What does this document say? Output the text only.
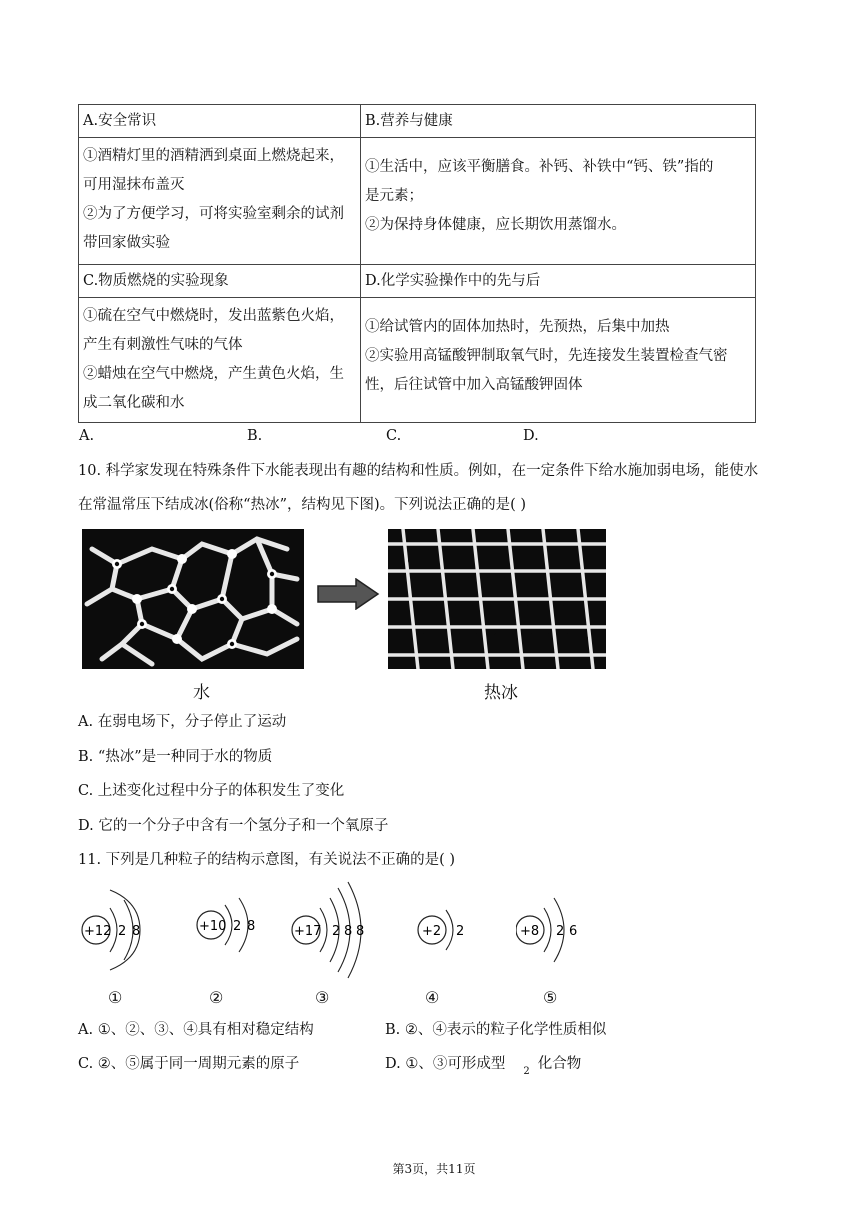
A.安全常识	B.营养与健康

①酒精灯里的酒精洒到桌面上燃烧起来，
可用湿抹布盖灭
②为了方便学习，可将实验室剩余的试剂
带回家做实验	①生活中，应该平衡膳食。补钙、补铁中“钙、铁”指的
是元素；
②为保持身体健康，应长期饮用蒸馏水。

C.物质燃烧的实验现象	D.化学实验操作中的先与后

①硫在空气中燃烧时，发出蓝紫色火焰，
产生有刺激性气味的气体
②蜡烛在空气中燃烧，产生黄色火焰，生
成二氧化碳和水	①给试管内的固体加热时，先预热，后集中加热
②实验用高锰酸钾制取氧气时，先连接发生装置检查气密
性，后往试管中加入高锰酸钾固体
A.	B.	C.	D.
10. 科学家发现在特殊条件下水能表现出有趣的结构和性质。例如，在一定条件下给水施加弱电场，能使水
在常温常压下结成冰(俗称“热冰”，结构见下图)。下列说法正确的是( )
水	热冰
A. 在弱电场下，分子停止了运动
B. “热冰”是一种同于水的物质
C. 上述变化过程中分子的体积发生了变化
D. 它的一个分子中含有一个氢分子和一个氧原子
11. 下列是几种粒子的结构示意图，有关说法不正确的是( )
+12 2 8	+10 2 8	+17 2 8 8	+2 2	+8 2 6
①	②	③	④	⑤
A. ①、②、③、④具有相对稳定结构	B. ②、④表示的粒子化学性质相似
C. ②、⑤属于同一周期元素的原子	D. ①、③可形成型 $_2$ 化合物
第3页，共11页
